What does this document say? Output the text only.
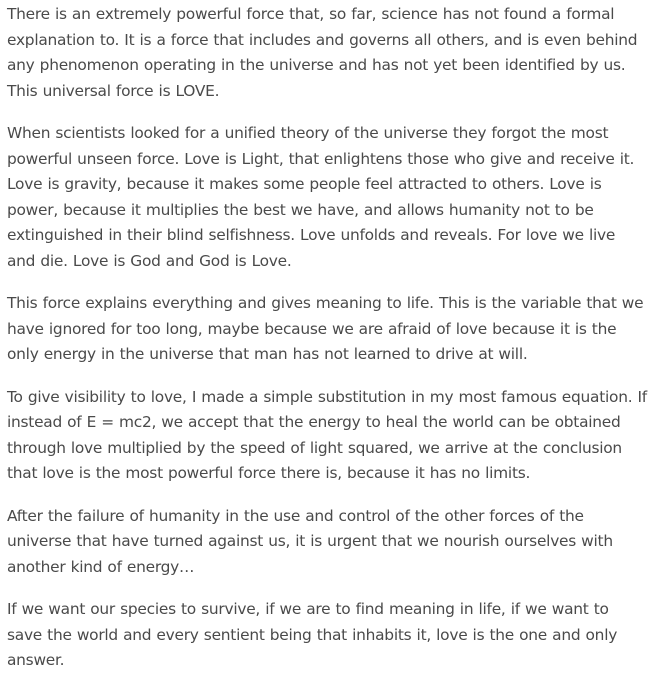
There is an extremely powerful force that, so far, science has not found a formal explanation to. It is a force that includes and governs all others, and is even behind any phenomenon operating in the universe and has not yet been identified by us. This universal force is LOVE.

When scientists looked for a unified theory of the universe they forgot the most powerful unseen force. Love is Light, that enlightens those who give and receive it. Love is gravity, because it makes some people feel attracted to others. Love is power, because it multiplies the best we have, and allows humanity not to be extinguished in their blind selfishness. Love unfolds and reveals. For love we live and die. Love is God and God is Love.

This force explains everything and gives meaning to life. This is the variable that we have ignored for too long, maybe because we are afraid of love because it is the only energy in the universe that man has not learned to drive at will.

To give visibility to love, I made a simple substitution in my most famous equation. If instead of E = mc2, we accept that the energy to heal the world can be obtained through love multiplied by the speed of light squared, we arrive at the conclusion that love is the most powerful force there is, because it has no limits.

After the failure of humanity in the use and control of the other forces of the universe that have turned against us, it is urgent that we nourish ourselves with another kind of energy…

If we want our species to survive, if we are to find meaning in life, if we want to save the world and every sentient being that inhabits it, love is the one and only answer.
